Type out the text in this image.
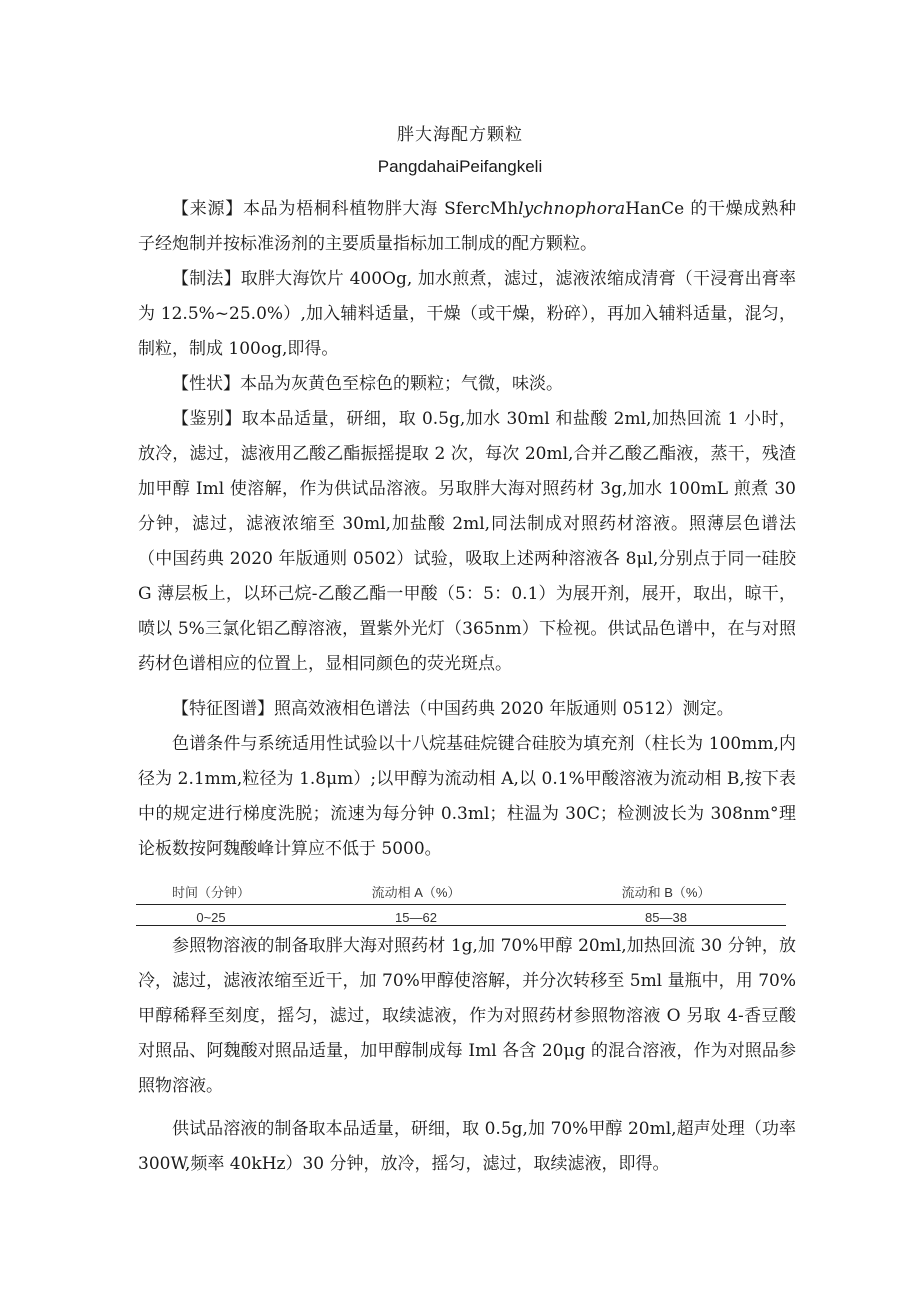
胖大海配方颗粒
PangdahaiPeifangkeli

【来源】本品为梧桐科植物胖大海 SfercMhlychnophoraHanCe 的干燥成熟种子经炮制并按标准汤剂的主要质量指标加工制成的配方颗粒。

【制法】取胖大海饮片 400Og, 加水煎煮，滤过，滤液浓缩成清膏（干浸膏出膏率为 12.5%~25.0%）,加入辅料适量，干燥（或干燥，粉碎），再加入辅料适量，混匀，制粒，制成 100og,即得。

【性状】本品为灰黄色至棕色的颗粒；气微，味淡。

【鉴别】取本品适量，研细，取 0.5g,加水 30ml 和盐酸 2ml,加热回流 1 小时，放冷，滤过，滤液用乙酸乙酯振摇提取 2 次，每次 20ml,合并乙酸乙酯液，蒸干，残渣加甲醇 Iml 使溶解，作为供试品溶液。另取胖大海对照药材 3g,加水 100mL 煎煮 30 分钟，滤过，滤液浓缩至 30ml,加盐酸 2ml,同法制成对照药材溶液。照薄层色谱法（中国药典 2020 年版通则 0502）试验，吸取上述两种溶液各 8μl,分别点于同一硅胶 G 薄层板上，以环己烷-乙酸乙酯一甲酸（5：5：0.1）为展开剂，展开，取出，晾干，喷以 5%三氯化铝乙醇溶液，置紫外光灯（365nm）下检视。供试品色谱中，在与对照药材色谱相应的位置上，显相同颜色的荧光斑点。

【特征图谱】照高效液相色谱法（中国药典 2020 年版通则 0512）测定。

色谱条件与系统适用性试验以十八烷基硅烷键合硅胶为填充剂（柱长为 100mm,内径为 2.1mm,粒径为 1.8μm）;以甲醇为流动相 A,以 0.1%甲酸溶液为流动相 B,按下表中的规定进行梯度洗脱；流速为每分钟 0.3ml；柱温为 30C；检测波长为 308nm°理论板数按阿魏酸峰计算应不低于 5000。

时间（分钟）	流动相 A（%）	流动和 B（%）
0~25	15—62	85—38

参照物溶液的制备取胖大海对照药材 1g,加 70%甲醇 20ml,加热回流 30 分钟，放冷，滤过，滤液浓缩至近干，加 70%甲醇使溶解，并分次转移至 5ml 量瓶中，用 70%甲醇稀释至刻度，摇匀，滤过，取续滤液，作为对照药材参照物溶液 O 另取 4-香豆酸对照品、阿魏酸对照品适量，加甲醇制成每 Iml 各含 20μg 的混合溶液，作为对照品参照物溶液。

供试品溶液的制备取本品适量，研细，取 0.5g,加 70%甲醇 20ml,超声处理（功率 300W,频率 40kHz）30 分钟，放冷，摇匀，滤过，取续滤液，即得。
